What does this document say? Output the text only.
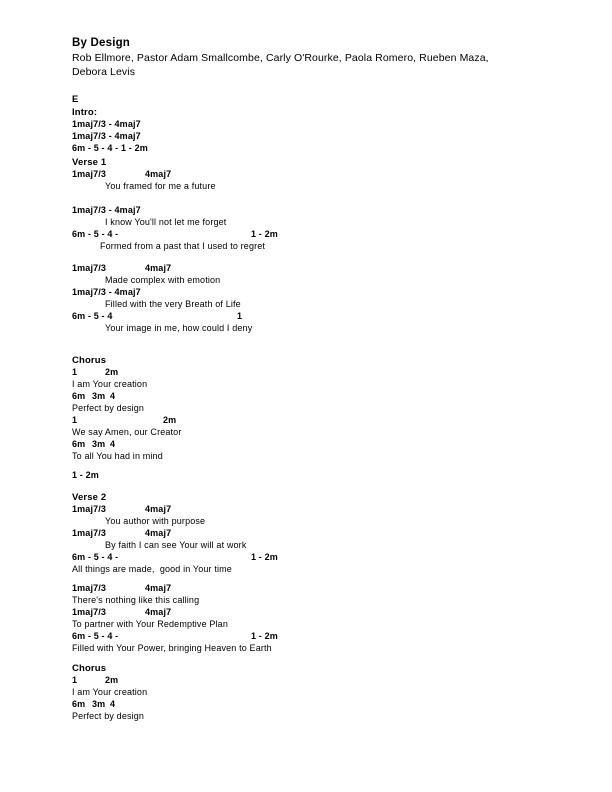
By Design
Rob Ellmore, Pastor Adam Smallcombe, Carly O'Rourke, Paola Romero, Rueben Maza,
Debora Levis
E
Intro:
1maj7/3 - 4maj7
1maj7/3 - 4maj7
6m - 5 - 4 - 1 - 2m
Verse 1
1maj7/3	4maj7
You framed for me a future
1maj7/3 - 4maj7
I know You'll not let me forget
6m - 5 - 4 -	1 - 2m
Formed from a past that I used to regret
1maj7/3	4maj7
Made complex with emotion
1maj7/3 - 4maj7
Filled with the very Breath of Life
6m - 5 - 4	1
Your image in me, how could I deny
Chorus
1	2m
I am Your creation
6m 3m 4
Perfect by design
1	2m
We say Amen, our Creator
6m 3m 4
To all You had in mind
1 - 2m
Verse 2
1maj7/3	4maj7
You author with purpose
1maj7/3	4maj7
By faith I can see Your will at work
6m - 5 - 4 -	1 - 2m
All things are made,  good in Your time
1maj7/3	4maj7
There's nothing like this calling
1maj7/3	4maj7
To partner with Your Redemptive Plan
6m - 5 - 4 -	1 - 2m
Filled with Your Power, bringing Heaven to Earth
Chorus
1	2m
I am Your creation
6m 3m 4
Perfect by design
